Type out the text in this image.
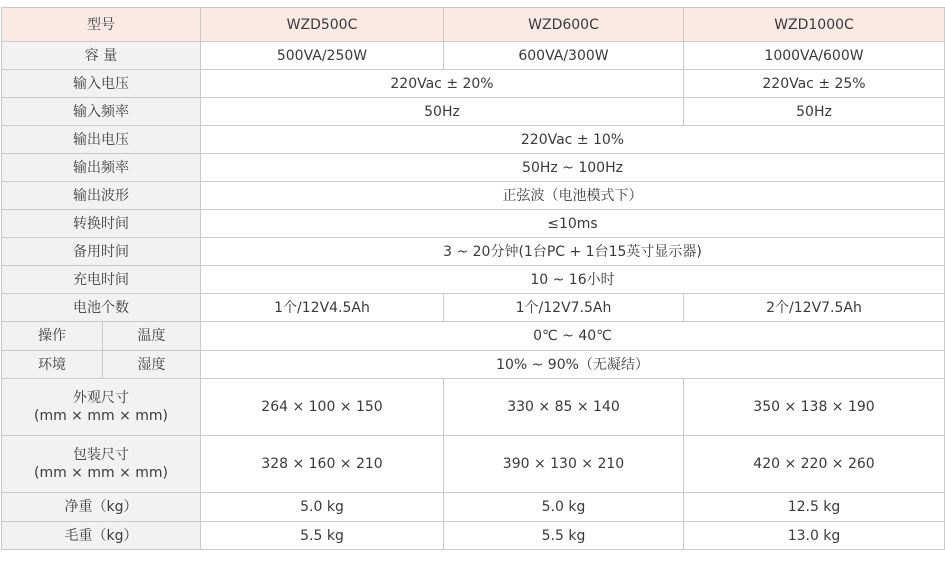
型号		WZD500C	WZD600C	WZD1000C
容 量		500VA/250W	600VA/300W	1000VA/600W
输入电压		220Vac ± 20%		220Vac ± 25%
输入频率		50Hz		50Hz
输出电压		220Vac ± 10%		
输出频率		50Hz ~ 100Hz		
输出波形		正弦波（电池模式下）		
转换时间		≤10ms		
备用时间		3 ~ 20分钟(1台PC + 1台15英寸显示器)		
充电时间		10 ~ 16小时		
电池个数		1个/12V4.5Ah	1个/12V7.5Ah	2个/12V7.5Ah
操作	温度	0℃ ~ 40℃		
环境	湿度	10% ~ 90%（无凝结）		

外观尺寸
(mm × mm × mm)		264 × 100 × 150	330 × 85 × 140	350 × 138 × 190

包装尺寸
(mm × mm × mm)		328 × 160 × 210	390 × 130 × 210	420 × 220 × 260
净重（kg）		5.0 kg	5.0 kg	12.5 kg
毛重（kg）		5.5 kg	5.5 kg	13.0 kg
